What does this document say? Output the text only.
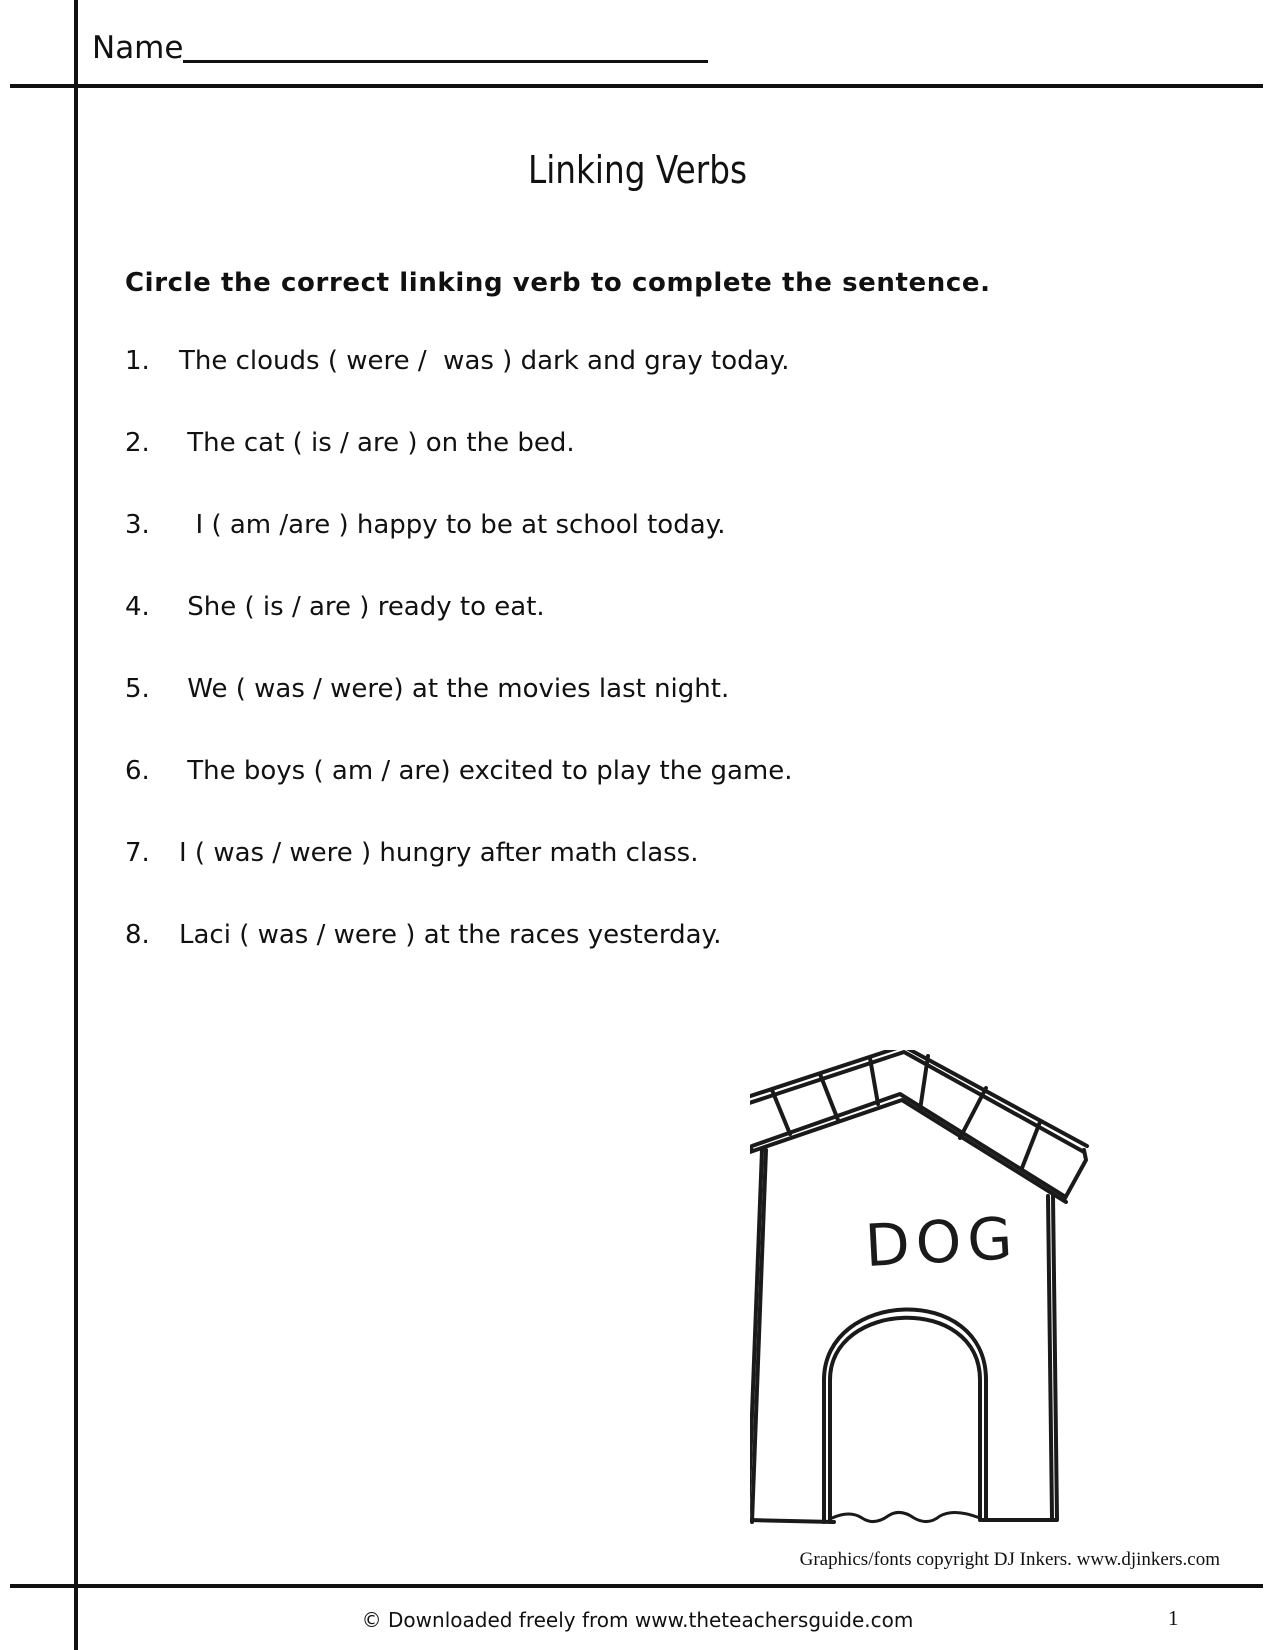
Name
Linking Verbs
Circle the correct linking verb to complete the sentence.
1.	The clouds ( were /  was ) dark and gray today.
2.	The cat ( is / are ) on the bed.
3.	I ( am /are ) happy to be at school today.
4.	She ( is / are ) ready to eat.
5.	We ( was / were) at the movies last night.
6.	The boys ( am / are) excited to play the game.
7.	I ( was / were ) hungry after math class.
8.	Laci ( was / were ) at the races yesterday.
DOG
Graphics/fonts copyright DJ Inkers. www.djinkers.com
© Downloaded freely from www.theteachersguide.com	1
